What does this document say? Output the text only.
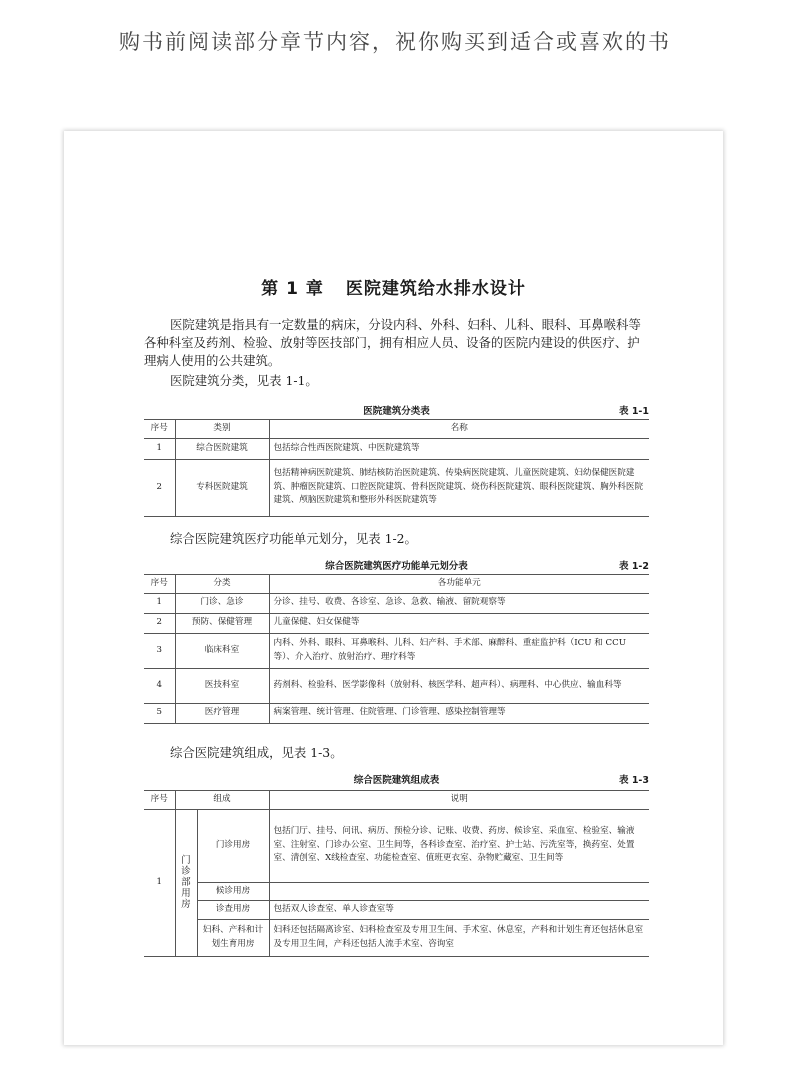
购书前阅读部分章节内容，祝你购买到适合或喜欢的书
第 1 章 医院建筑给水排水设计

医院建筑是指具有一定数量的病床，分设内科、外科、妇科、儿科、眼科、耳鼻喉科等各种科室及药剂、检验、放射等医技部门，拥有相应人员、设备的医院内建设的供医疗、护理病人使用的公共建筑。

医院建筑分类，见表 1-1。

医院建筑分类表	表 1-1
序号	类别	名称
1	综合医院建筑	包括综合性西医院建筑、中医院建筑等
2	专科医院建筑	包括精神病医院建筑、肺结核防治医院建筑、传染病医院建筑、儿童医院建筑、妇幼保健医院建筑、肿瘤医院建筑、口腔医院建筑、骨科医院建筑、烧伤科医院建筑、眼科医院建筑、胸外科医院建筑、颅脑医院建筑和整形外科医院建筑等

综合医院建筑医疗功能单元划分，见表 1-2。

综合医院建筑医疗功能单元划分表	表 1-2
序号	分类	各功能单元
1	门诊、急诊	分诊、挂号、收费、各诊室、急诊、急救、输液、留院观察等
2	预防、保健管理	儿童保健、妇女保健等
3	临床科室	内科、外科、眼科、耳鼻喉科、儿科、妇产科、手术部、麻醉科、重症监护科（ICU 和 CCU 等）、介入治疗、放射治疗、理疗科等
4	医技科室	药剂科、检验科、医学影像科（放射科、核医学科、超声科）、病理科、中心供应、输血科等
5	医疗管理	病案管理、统计管理、住院管理、门诊管理、感染控制管理等

综合医院建筑组成，见表 1-3。

综合医院建筑组成表	表 1-3
序号	组成		说明
1	门诊部用房	门诊用房	包括门厅、挂号、问讯、病历、预检分诊、记账、收费、药房、候诊室、采血室、检验室、输液室、注射室、门诊办公室、卫生间等，各科诊查室、治疗室、护士站、污洗室等，换药室、处置室、清创室、X线检查室、功能检查室、值班更衣室、杂物贮藏室、卫生间等
		候诊用房	
		诊查用房	包括双人诊查室、单人诊查室等
		妇科、产科和计划生育用房	妇科还包括隔离诊室、妇科检查室及专用卫生间、手术室、休息室，产科和计划生育还包括休息室及专用卫生间，产科还包括人流手术室、咨询室
